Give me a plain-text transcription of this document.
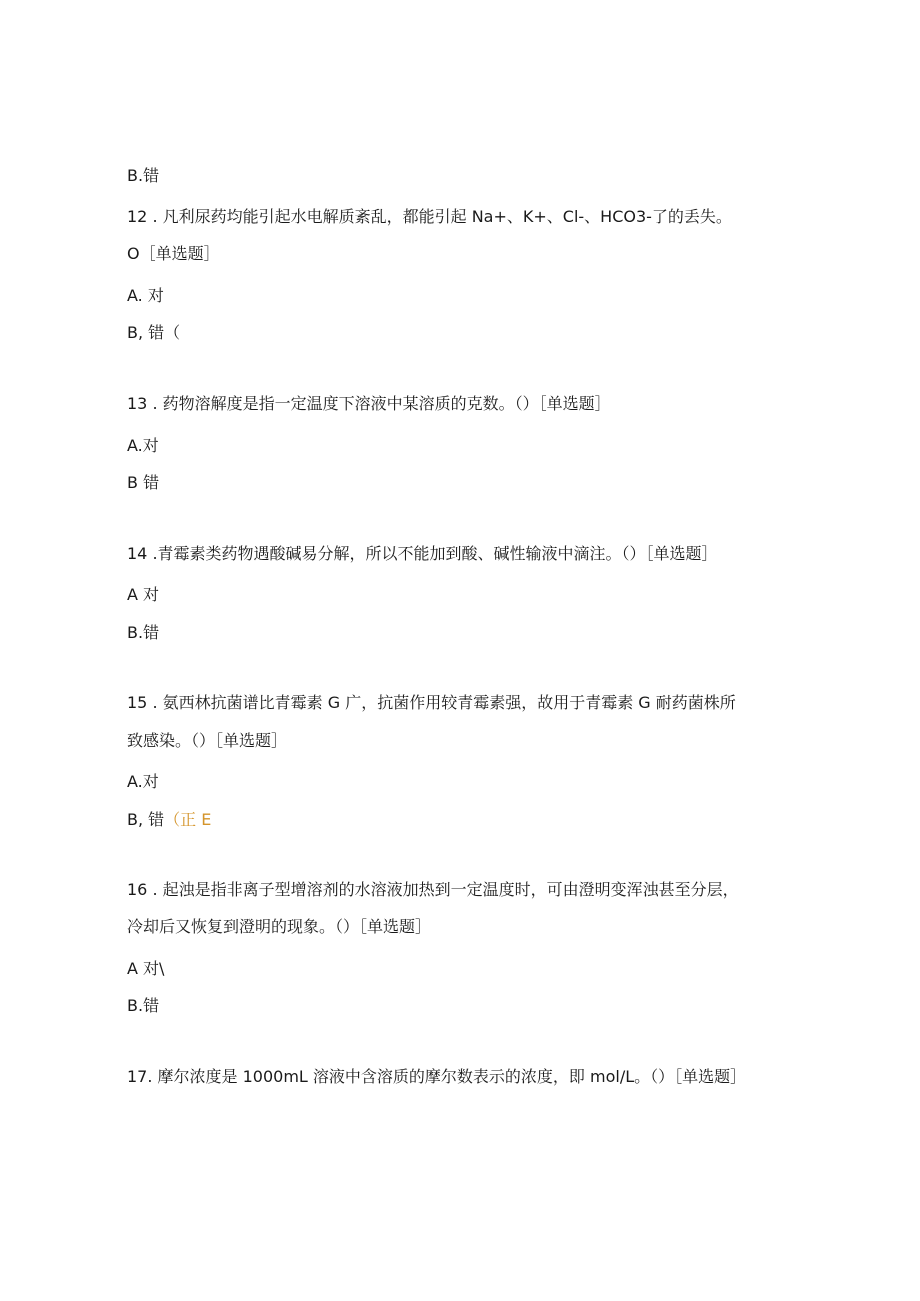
B.错
12 . 凡利尿药均能引起水电解质紊乱，都能引起 Na+、K+、Cl-、HCO3-了的丢失。
O［单选题］
A. 对
B, 错（
13 . 药物溶解度是指一定温度下溶液中某溶质的克数。（）［单选题］
A.对
B 错
14 .青霉素类药物遇酸碱易分解，所以不能加到酸、碱性输液中滴注。（）［单选题］
A 对
B.错
15 . 氨西林抗菌谱比青霉素 G 广，抗菌作用较青霉素强，故用于青霉素 G 耐药菌株所
致感染。（）［单选题］
A.对
B, 错（正 E
16 . 起浊是指非离子型增溶剂的水溶液加热到一定温度时，可由澄明变浑浊甚至分层，
冷却后又恢复到澄明的现象。（）［单选题］
A 对\
B.错
17. 摩尔浓度是 1000mL 溶液中含溶质的摩尔数表示的浓度，即 mol/L。（）［单选题］
